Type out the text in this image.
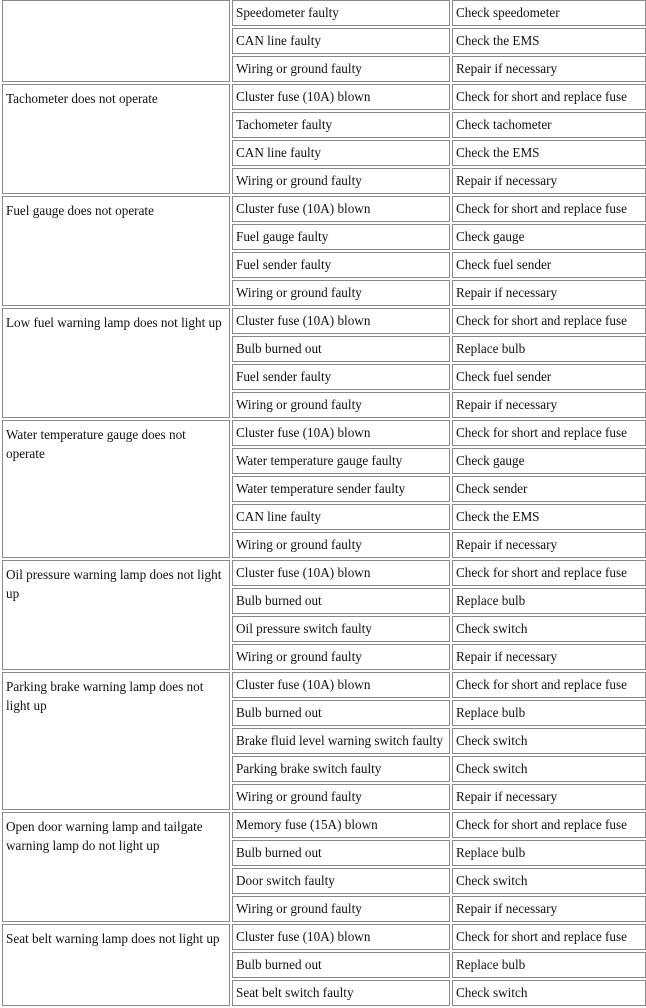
	Speedometer faulty	Check speedometer
	CAN line faulty	Check the EMS
	Wiring or ground faulty	Repair if necessary
Tachometer does not operate	Cluster fuse (10A) blown	Check for short and replace fuse
	Tachometer faulty	Check tachometer
	CAN line faulty	Check the EMS
	Wiring or ground faulty	Repair if necessary
Fuel gauge does not operate	Cluster fuse (10A) blown	Check for short and replace fuse
	Fuel gauge faulty	Check gauge
	Fuel sender faulty	Check fuel sender
	Wiring or ground faulty	Repair if necessary
Low fuel warning lamp does not light up	Cluster fuse (10A) blown	Check for short and replace fuse
	Bulb burned out	Replace bulb
	Fuel sender faulty	Check fuel sender
	Wiring or ground faulty	Repair if necessary
Water temperature gauge does not operate	Cluster fuse (10A) blown	Check for short and replace fuse
	Water temperature gauge faulty	Check gauge
	Water temperature sender faulty	Check sender
	CAN line faulty	Check the EMS
	Wiring or ground faulty	Repair if necessary
Oil pressure warning lamp does not light up	Cluster fuse (10A) blown	Check for short and replace fuse
	Bulb burned out	Replace bulb
	Oil pressure switch faulty	Check switch
	Wiring or ground faulty	Repair if necessary
Parking brake warning lamp does not light up	Cluster fuse (10A) blown	Check for short and replace fuse
	Bulb burned out	Replace bulb
	Brake fluid level warning switch faulty	Check switch
	Parking brake switch faulty	Check switch
	Wiring or ground faulty	Repair if necessary
Open door warning lamp and tailgate warning lamp do not light up	Memory fuse (15A) blown	Check for short and replace fuse
	Bulb burned out	Replace bulb
	Door switch faulty	Check switch
	Wiring or ground faulty	Repair if necessary
Seat belt warning lamp does not light up	Cluster fuse (10A) blown	Check for short and replace fuse
	Bulb burned out	Replace bulb
	Seat belt switch faulty	Check switch
